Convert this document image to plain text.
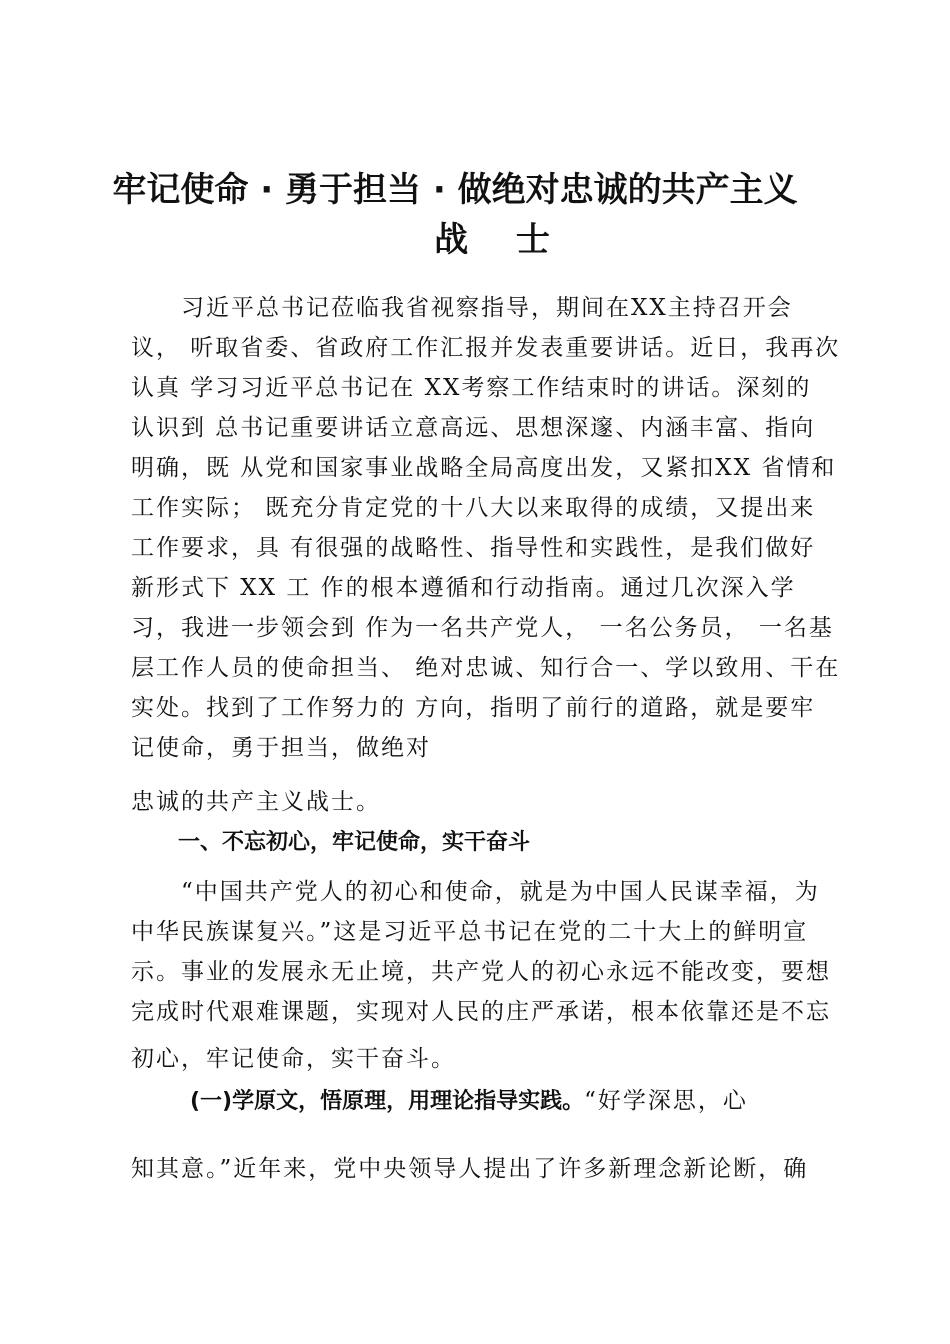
牢记使命 · 勇于担当 · 做绝对忠诚的共产主义
战 士
习近平总书记莅临我省视察指导，期间在XX主持召开会
议， 听取省委、省政府工作汇报并发表重要讲话。近日，我再次
认真 学习习近平总书记在 XX考察工作结束时的讲话。深刻的
认识到 总书记重要讲话立意高远、思想深邃、内涵丰富、指向
明确，既 从党和国家事业战略全局高度出发，又紧扣XX 省情和
工作实际； 既充分肯定党的十八大以来取得的成绩，又提出来
工作要求，具 有很强的战略性、指导性和实践性，是我们做好
新形式下 XX 工 作的根本遵循和行动指南。通过几次深入学
习，我进一步领会到 作为一名共产党人， 一名公务员， 一名基
层工作人员的使命担当、 绝对忠诚、知行合一、学以致用、干在
实处。找到了工作努力的 方向，指明了前行的道路，就是要牢
记使命，勇于担当，做绝对
忠诚的共产主义战士。
一、不忘初心，牢记使命，实干奋斗
“中国共产党人的初心和使命，就是为中国人民谋幸福，为
中华民族谋复兴。”这是习近平总书记在党的二十大上的鲜明宣
示。事业的发展永无止境，共产党人的初心永远不能改变，要想
完成时代艰难课题，实现对人民的庄严承诺，根本依靠还是不忘
初心，牢记使命，实干奋斗。
(一)学原文，悟原理，用理论指导实践。“好学深思，心
知其意。”近年来，党中央领导人提出了许多新理念新论断，确
